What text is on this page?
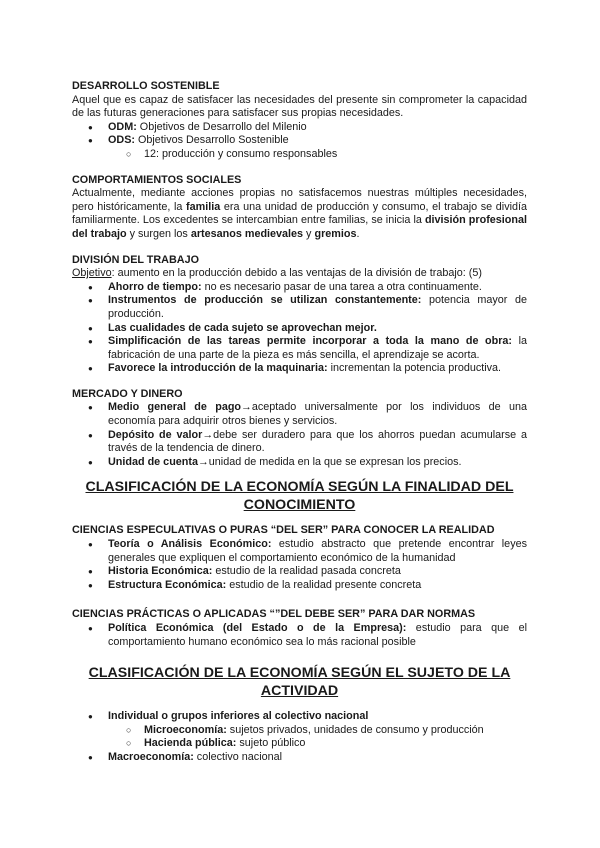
DESARROLLO SOSTENIBLE

Aquel que es capaz de satisfacer las necesidades del presente sin comprometer la capacidad de las futuras generaciones para satisfacer sus propias necesidades.

● ODM: Objetivos de Desarrollo del Milenio
● ODS: Objetivos Desarrollo Sostenible
○ 12: producción y consumo responsables

COMPORTAMIENTOS SOCIALES

Actualmente, mediante acciones propias no satisfacemos nuestras múltiples necesidades, pero históricamente, la familia era una unidad de producción y consumo, el trabajo se dividía familiarmente. Los excedentes se intercambian entre familias, se inicia la división profesional del trabajo y surgen los artesanos medievales y gremios.

DIVISIÓN DEL TRABAJO

Objetivo: aumento en la producción debido a las ventajas de la división de trabajo: (5)

● Ahorro de tiempo: no es necesario pasar de una tarea a otra continuamente.
● Instrumentos de producción se utilizan constantemente: potencia mayor de producción.
● Las cualidades de cada sujeto se aprovechan mejor.
● Simplificación de las tareas permite incorporar a toda la mano de obra: la fabricación de una parte de la pieza es más sencilla, el aprendizaje se acorta.
● Favorece la introducción de la maquinaria: incrementan la potencia productiva.

MERCADO Y DINERO

● Medio general de pago→aceptado universalmente por los individuos de una economía para adquirir otros bienes y servicios.
● Depósito de valor→debe ser duradero para que los ahorros puedan acumularse a través de la tendencia de dinero.
● Unidad de cuenta→unidad de medida en la que se expresan los precios.

CLASIFICACIÓN DE LA ECONOMÍA SEGÚN LA FINALIDAD DEL CONOCIMIENTO

CIENCIAS ESPECULATIVAS O PURAS “DEL SER” PARA CONOCER LA REALIDAD

● Teoría o Análisis Económico: estudio abstracto que pretende encontrar leyes generales que expliquen el comportamiento económico de la humanidad
● Historia Económica: estudio de la realidad pasada concreta
● Estructura Económica: estudio de la realidad presente concreta

CIENCIAS PRÁCTICAS O APLICADAS “”DEL DEBE SER” PARA DAR NORMAS

● Política Económica (del Estado o de la Empresa): estudio para que el comportamiento humano económico sea lo más racional posible

CLASIFICACIÓN DE LA ECONOMÍA SEGÚN EL SUJETO DE LA ACTIVIDAD

● Individual o grupos inferiores al colectivo nacional
○ Microeconomía: sujetos privados, unidades de consumo y producción
○ Hacienda pública: sujeto público
● Macroeconomía: colectivo nacional
